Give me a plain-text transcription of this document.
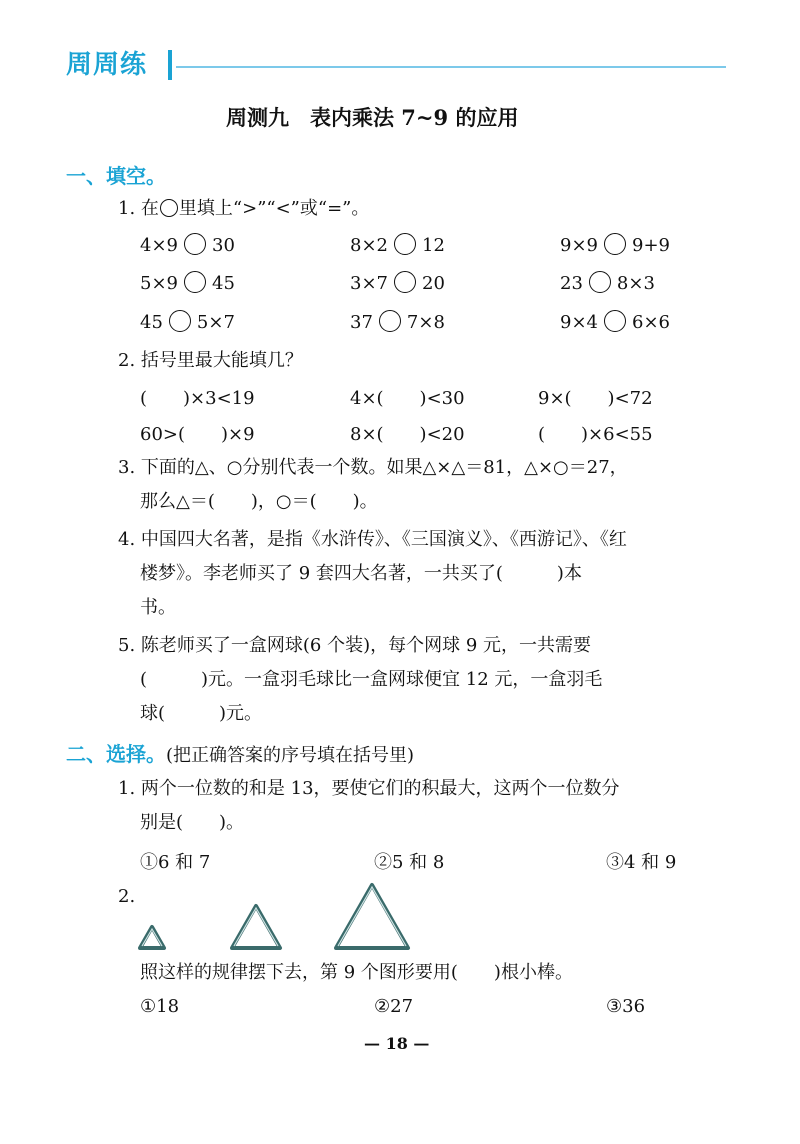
周周练
周测九　表内乘法 7~9 的应用
一、填空。
1. 在 里填上“>”“<”或“=”。
4×9 30	8×2 12	9×9 9+9
5×9 45	3×7 20	23 8×3
45 5×7	37 7×8	9×4 6×6
2. 括号里最大能填几？
(　　)×3<19	4×(　　)<30	9×(　　)<72
60>(　　)×9	8×(　　)<20	(　　)×6<55
3. 下面的△、○分别代表一个数。如果△×△＝81，△×○＝27，
那么△＝(　　)，○＝(　　)。
4. 中国四大名著，是指《水浒传》、《三国演义》、《西游记》、《红
楼梦》。李老师买了 9 套四大名著，一共买了(　　　)本
书。
5. 陈老师买了一盒网球(6 个装)，每个网球 9 元，一共需要
(　　　)元。一盒羽毛球比一盒网球便宜 12 元，一盒羽毛
球(　　　)元。
二、选择。(把正确答案的序号填在括号里)
1. 两个一位数的和是 13，要使它们的积最大，这两个一位数分
别是(　　)。
①6 和 7	②5 和 8	③4 和 9
2.
照这样的规律摆下去，第 9 个图形要用(　　)根小棒。
①18	②27	③36
— 18 —
